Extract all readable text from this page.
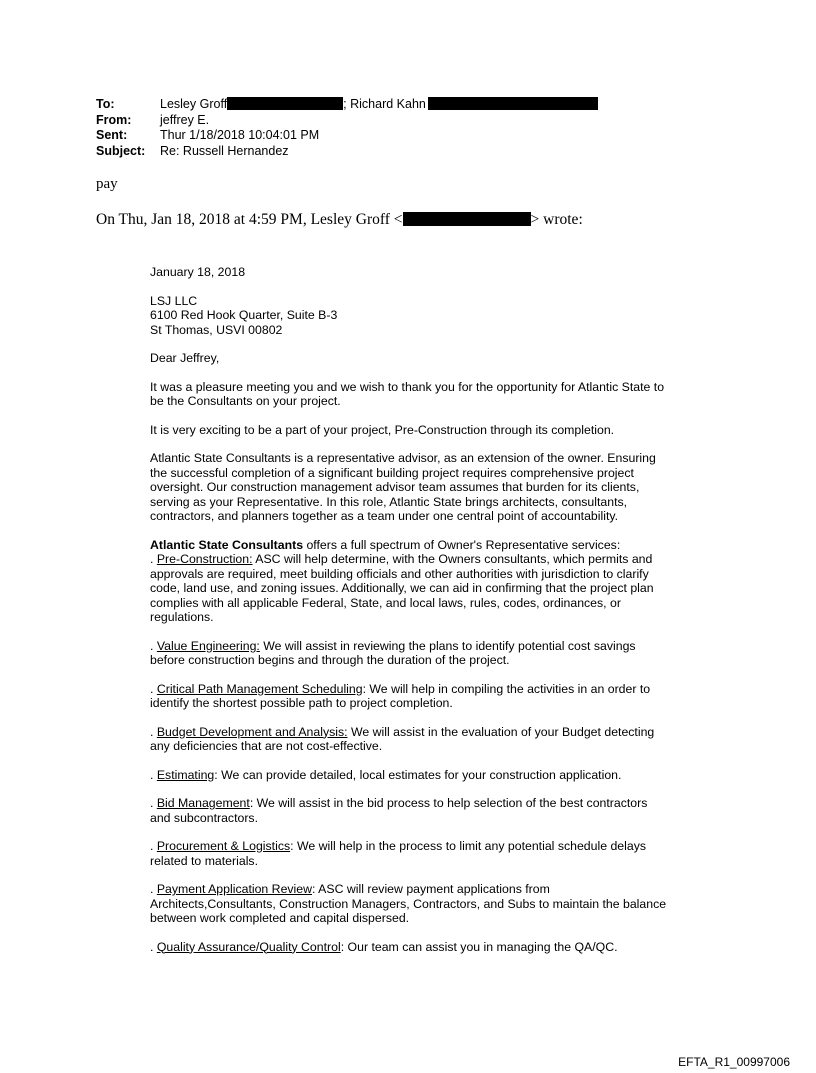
To:	Lesley Groff	; Richard Kahn
From:	jeffrey E.
Sent:	Thur 1/18/2018 10:04:01 PM
Subject:	Re: Russell Hernandez
pay
On Thu, Jan 18, 2018 at 4:59 PM, Lesley Groff <	> wrote:

January 18, 2018

LSJ LLC
6100 Red Hook Quarter, Suite B-3
St Thomas, USVI 00802

Dear Jeffrey,

It was a pleasure meeting you and we wish to thank you for the opportunity for Atlantic State to be the Consultants on your project.

It is very exciting to be a part of your project, Pre-Construction through its completion.

Atlantic State Consultants is a representative advisor, as an extension of the owner. Ensuring the successful completion of a significant building project requires comprehensive project oversight. Our construction management advisor team assumes that burden for its clients, serving as your Representative. In this role, Atlantic State brings architects, consultants, contractors, and planners together as a team under one central point of accountability.

Atlantic State Consultants offers a full spectrum of Owner's Representative services:

. Pre-Construction: ASC will help determine, with the Owners consultants, which permits and approvals are required, meet building officials and other authorities with jurisdiction to clarify code, land use, and zoning issues. Additionally, we can aid in confirming that the project plan complies with all applicable Federal, State, and local laws, rules, codes, ordinances, or regulations.

. Value Engineering: We will assist in reviewing the plans to identify potential cost savings before construction begins and through the duration of the project.

. Critical Path Management Scheduling: We will help in compiling the activities in an order to identify the shortest possible path to project completion.

. Budget Development and Analysis: We will assist in the evaluation of your Budget detecting any deficiencies that are not cost-effective.

. Estimating: We can provide detailed, local estimates for your construction application.

. Bid Management: We will assist in the bid process to help selection of the best contractors and subcontractors.

. Procurement & Logistics: We will help in the process to limit any potential schedule delays related to materials.

. Payment Application Review: ASC will review payment applications from Architects,Consultants, Construction Managers, Contractors, and Subs to maintain the balance between work completed and capital dispersed.

. Quality Assurance/Quality Control: Our team can assist you in managing the QA/QC.

EFTA_R1_00997006
